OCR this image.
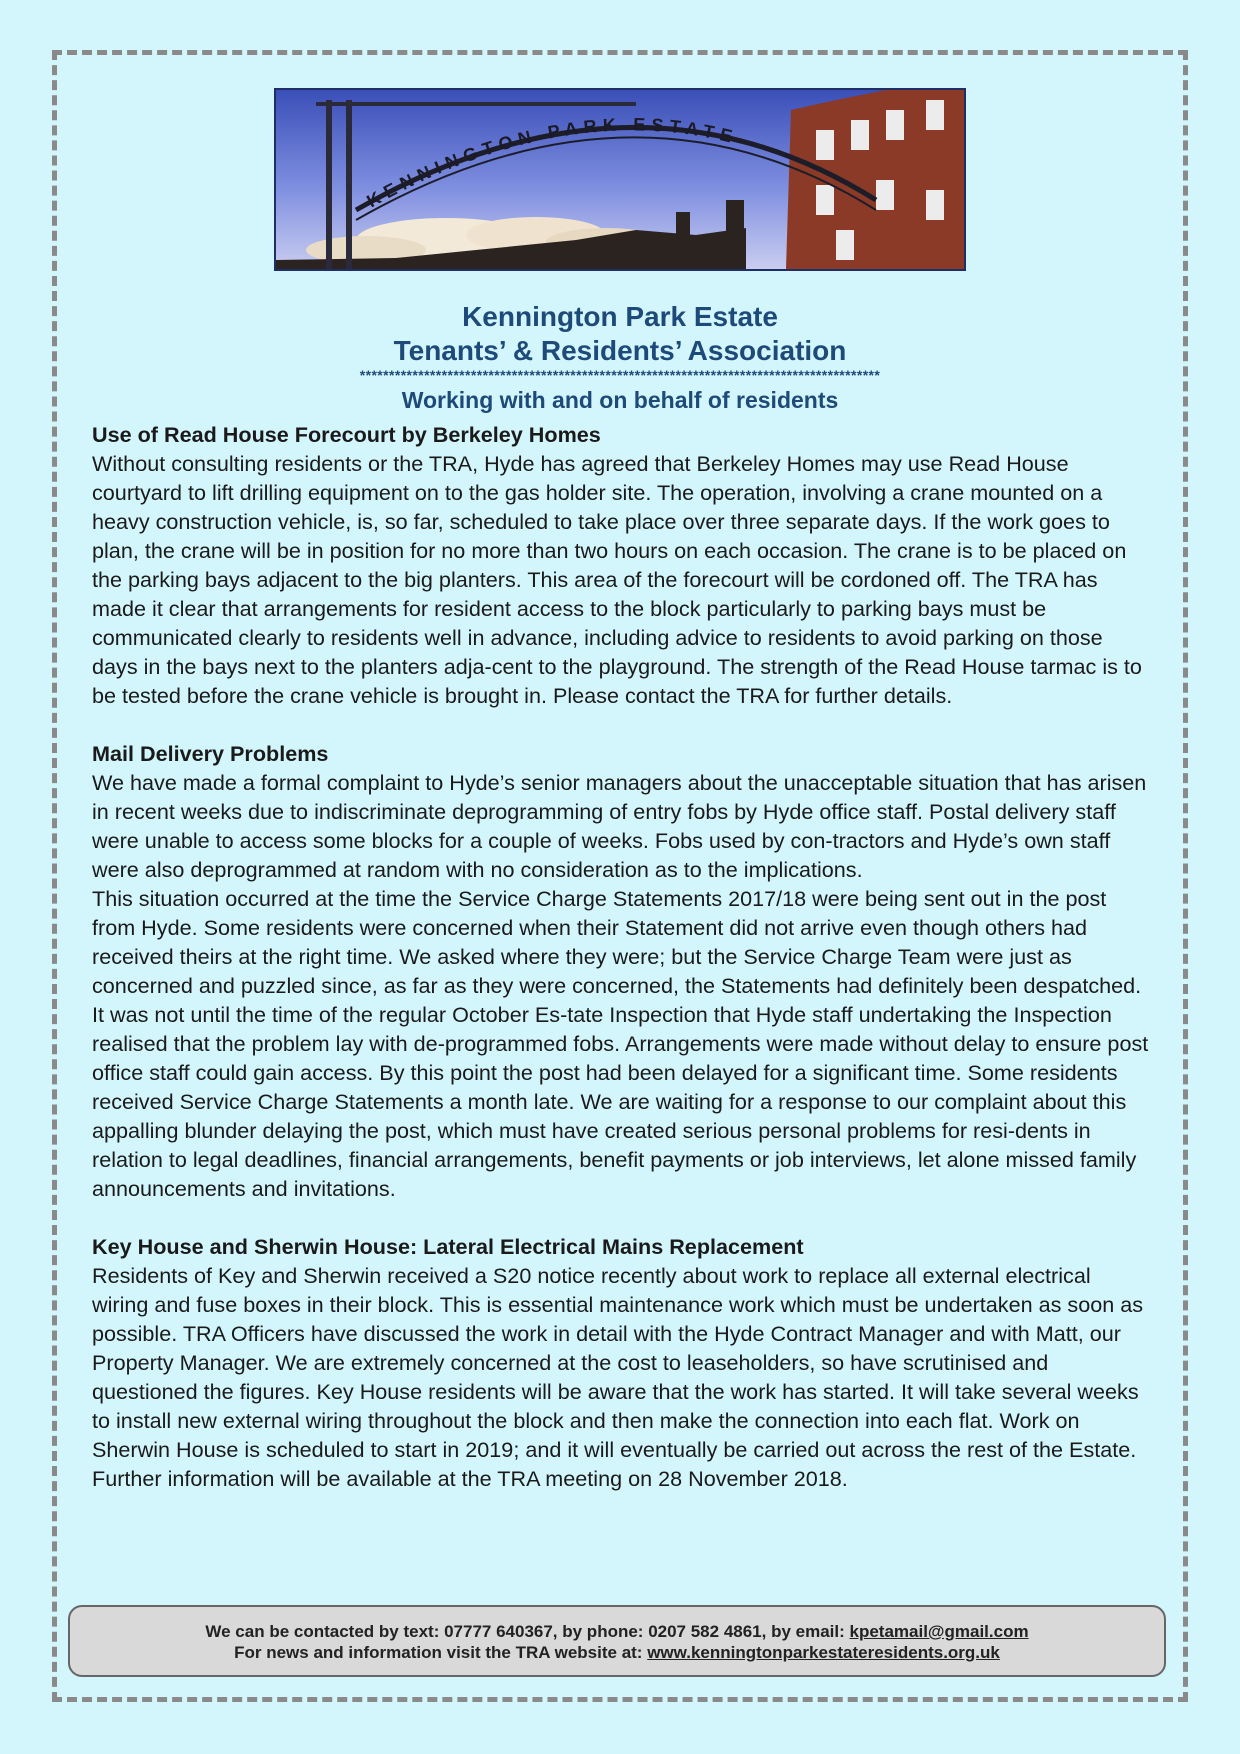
KENNINGTON PARK ESTATE
Kennington Park Estate
Tenants’ & Residents’ Association
*****************************************************************************************
Working with and on behalf of residents
Use of Read House Forecourt by Berkeley Homes

Without consulting residents or the TRA, Hyde has agreed that Berkeley Homes may use Read House courtyard to lift drilling equipment on to the gas holder site. The operation, involving a crane mounted on a heavy construction vehicle, is, so far, scheduled to take place over three separate days. If the work goes to plan, the crane will be in position for no more than two hours on each occasion. The crane is to be placed on the parking bays adjacent to the big planters. This area of the forecourt will be cordoned off. The TRA has made it clear that arrangements for resident access to the block particularly to parking bays must be communicated clearly to residents well in advance, including advice to residents to avoid parking on those days in the bays next to the planters adja-cent to the playground. The strength of the Read House tarmac is to be tested before the crane vehicle is brought in. Please contact the TRA for further details.

Mail Delivery Problems

We have made a formal complaint to Hyde’s senior managers about the unacceptable situation that has arisen in recent weeks due to indiscriminate deprogramming of entry fobs by Hyde office staff. Postal delivery staff were unable to access some blocks for a couple of weeks. Fobs used by con-tractors and Hyde’s own staff were also deprogrammed at random with no consideration as to the implications.

This situation occurred at the time the Service Charge Statements 2017/18 were being sent out in the post from Hyde. Some residents were concerned when their Statement did not arrive even though others had received theirs at the right time. We asked where they were; but the Service Charge Team were just as concerned and puzzled since, as far as they were concerned, the Statements had definitely been despatched. It was not until the time of the regular October Es-tate Inspection that Hyde staff undertaking the Inspection realised that the problem lay with de-programmed fobs. Arrangements were made without delay to ensure post office staff could gain access. By this point the post had been delayed for a significant time. Some residents received Service Charge Statements a month late. We are waiting for a response to our complaint about this appalling blunder delaying the post, which must have created serious personal problems for resi-dents in relation to legal deadlines, financial arrangements, benefit payments or job interviews, let alone missed family announcements and invitations.

Key House and Sherwin House: Lateral Electrical Mains Replacement

Residents of Key and Sherwin received a S20 notice recently about work to replace all external electrical wiring and fuse boxes in their block. This is essential maintenance work which must be undertaken as soon as possible. TRA Officers have discussed the work in detail with the Hyde Contract Manager and with Matt, our Property Manager. We are extremely concerned at the cost to leaseholders, so have scrutinised and questioned the figures. Key House residents will be aware that the work has started. It will take several weeks to install new external wiring throughout the block and then make the connection into each flat. Work on Sherwin House is scheduled to start in 2019; and it will eventually be carried out across the rest of the Estate. Further information will be available at the TRA meeting on 28 November 2018.

We can be contacted by text: 07777 640367, by phone: 0207 582 4861, by email: kpetamail@gmail.com
For news and information visit the TRA website at: www.kenningtonparkestateresidents.org.uk
